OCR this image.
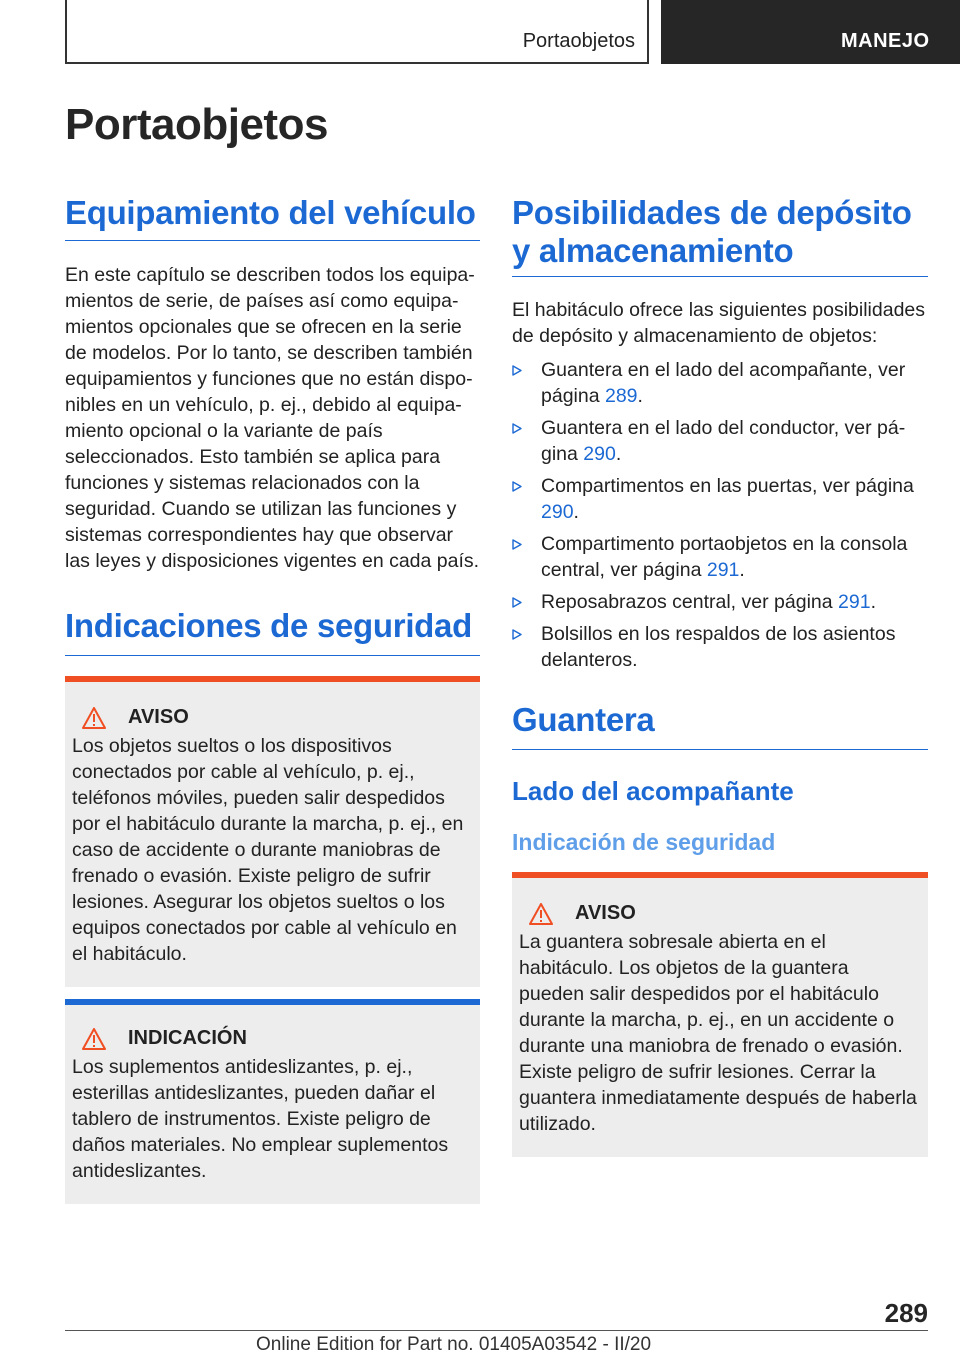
Portaobjetos	MANEJO
Portaobjetos
Equipamiento del vehículo

En este capítulo se describen todos los equipamientos de serie, de países así como equipamientos opcionales que se ofrecen en la serie de modelos. Por lo tanto, se describen también equipamientos y funciones que no están disponibles en un vehículo, p. ej., debido al equipamiento opcional o la variante de país seleccionados. Esto también se aplica para funciones y sistemas relacionados con la seguridad. Cuando se utilizan las funciones y sistemas correspondientes hay que observar las leyes y disposiciones vigentes en cada país.

Indicaciones de seguridad
AVISO

Los objetos sueltos o los dispositivos conectados por cable al vehículo, p. ej., teléfonos móviles, pueden salir despedidos por el habitáculo durante la marcha, p. ej., en caso de accidente o durante maniobras de frenado o evasión. Existe peligro de sufrir lesiones. Asegurar los objetos sueltos o los equipos conectados por cable al vehículo en el habitáculo.

INDICACIÓN

Los suplementos antideslizantes, p. ej., esterillas antideslizantes, pueden dañar el tablero de instrumentos. Existe peligro de daños materiales. No emplear suplementos antideslizantes.

Posibilidades de depósito y almacenamiento

El habitáculo ofrece las siguientes posibilidades de depósito y almacenamiento de objetos:

Guantera en el lado del acompañante, ver página 289.
Guantera en el lado del conductor, ver página 290.
Compartimentos en las puertas, ver página 290.
Compartimento portaobjetos en la consola central, ver página 291.
Reposabrazos central, ver página 291.
Bolsillos en los respaldos de los asientos delanteros.
Guantera
Lado del acompañante
Indicación de seguridad
AVISO

La guantera sobresale abierta en el habitáculo. Los objetos de la guantera pueden salir despedidos por el habitáculo durante la marcha, p. ej., en un accidente o durante una maniobra de frenado o evasión. Existe peligro de sufrir lesiones. Cerrar la guantera inmediatamente después de haberla utilizado.

289
Online Edition for Part no. 01405A03542 - II/20
